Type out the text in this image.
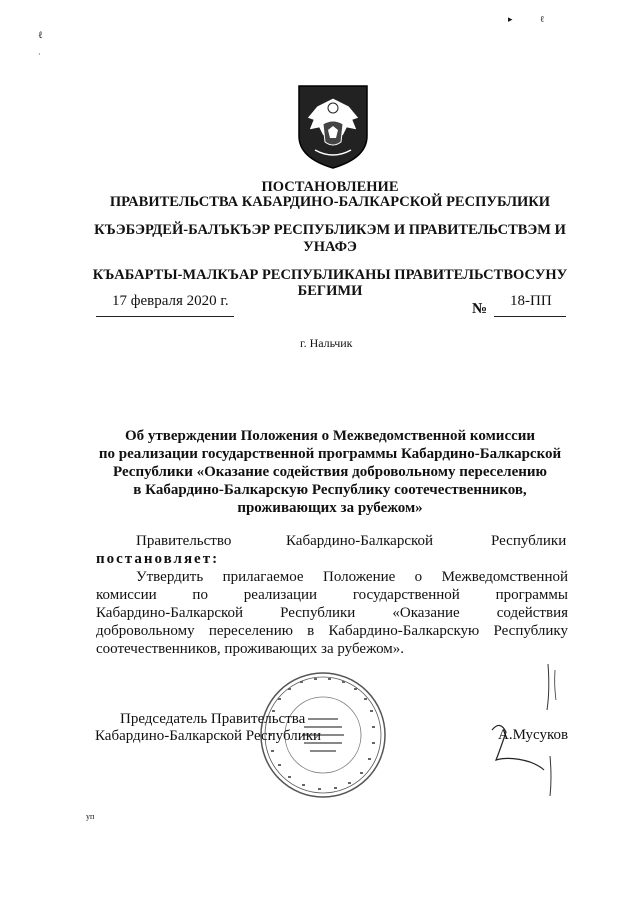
ℓ
·
▸	ℓ
ПОСТАНОВЛЕНИЕ
ПРАВИТЕЛЬСТВА КАБАРДИНО-БАЛКАРСКОЙ РЕСПУБЛИКИ
КЪЭБЭРДЕЙ-БАЛЪКЪЭР РЕСПУБЛИКЭМ И ПРАВИТЕЛЬСТВЭМ И
УНАФЭ
КЪАБАРТЫ-МАЛКЪАР РЕСПУБЛИКАНЫ ПРАВИТЕЛЬСТВОСУНУ
БЕГИМИ
17 февраля 2020 г.	№ 18-ПП
г. Нальчик
Об утверждении Положения о Межведомственной комиссии
по реализации государственной программы Кабардино-Балкарской
Республики «Оказание содействия добровольному переселению
в Кабардино-Балкарскую Республику соотечественников,
проживающих за рубежом»
Правительство	Кабардино-Балкарской	Республики
постановляет:
Утвердить прилагаемое Положение о Межведомственной
комиссии по реализации государственной программы
Кабардино-Балкарской Республики «Оказание содействия
добровольному переселению в Кабардино-Балкарскую Республику
соотечественников, проживающих за рубежом».
Председатель Правительства
Кабардино-Балкарской Республики	А.Мусуков
уп
